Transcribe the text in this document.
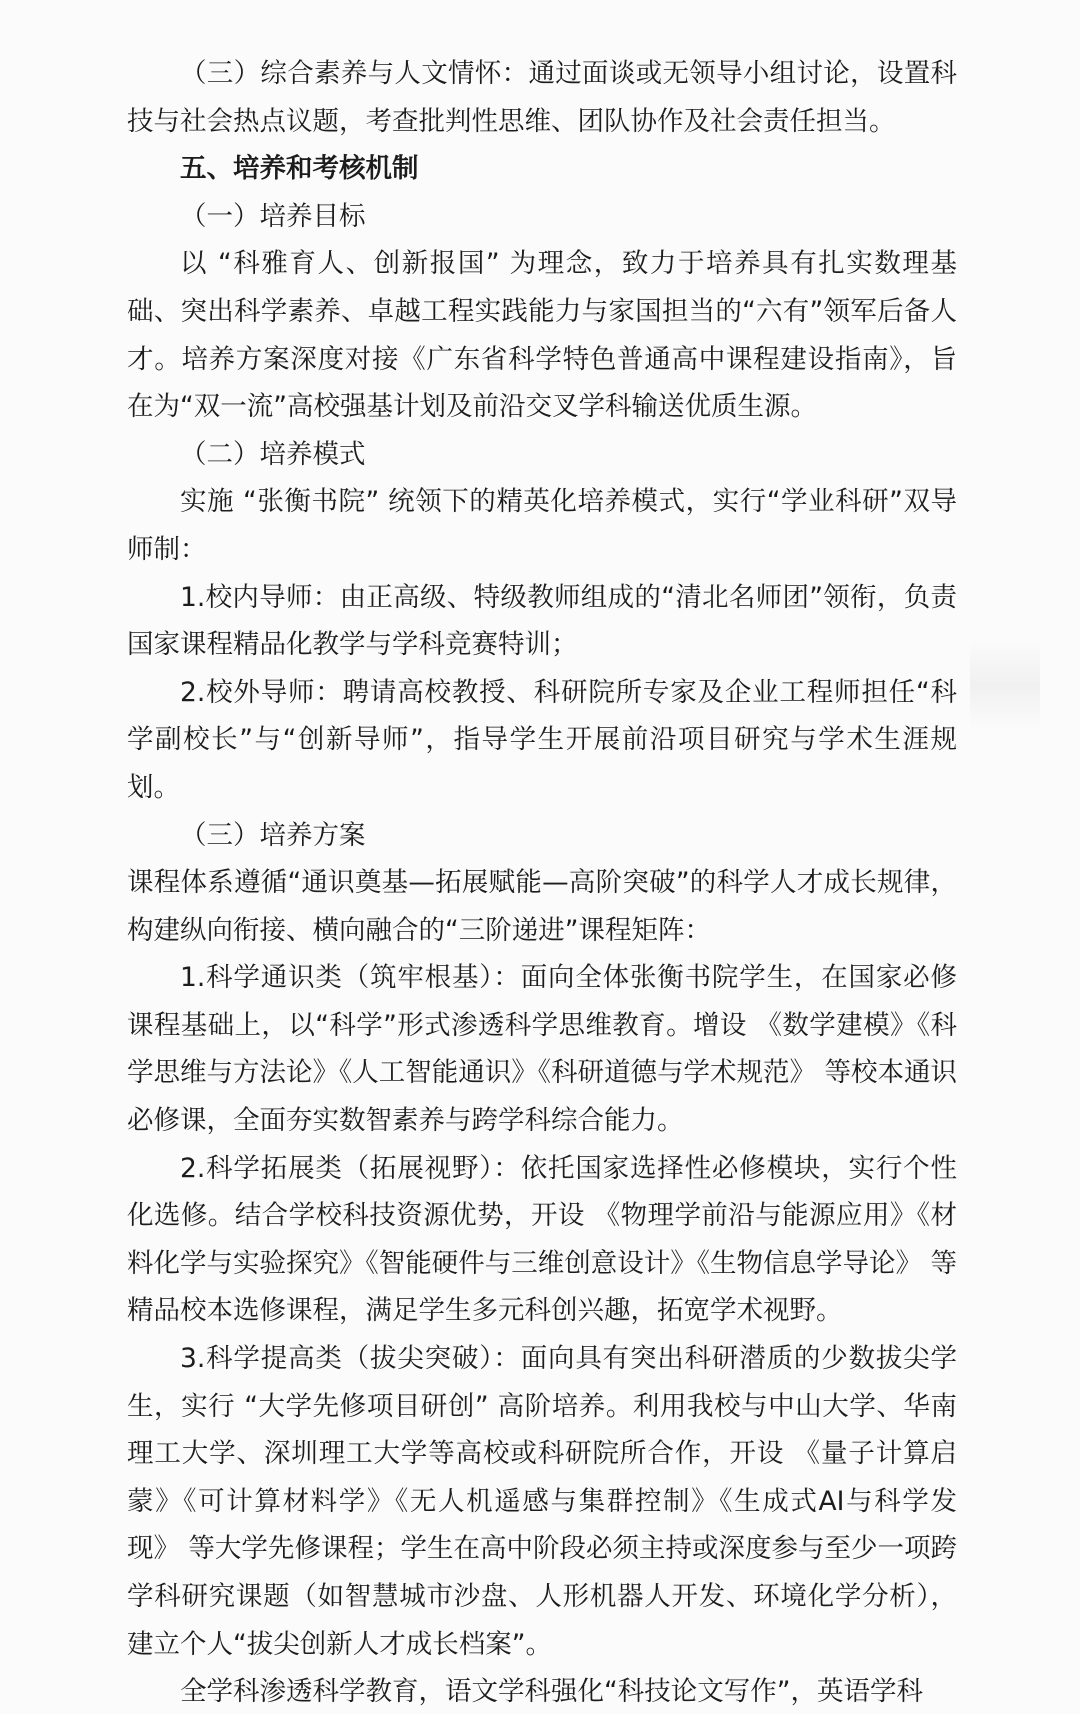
（三）综合素养与人文情怀：通过面谈或无领导小组讨论，设置科技与社会热点议题，考查批判性思维、团队协作及社会责任担当。

五、培养和考核机制

（一）培养目标

以 “科雅育人、创新报国” 为理念，致力于培养具有扎实数理基础、突出科学素养、卓越工程实践能力与家国担当的“六有”领军后备人才。培养方案深度对接《广东省科学特色普通高中课程建设指南》，旨在为“双一流”高校强基计划及前沿交叉学科输送优质生源。

（二）培养模式

实施 “张衡书院” 统领下的精英化培养模式，实行“学业科研”双导师制：

1.校内导师：由正高级、特级教师组成的“清北名师团”领衔，负责国家课程精品化教学与学科竞赛特训；

2.校外导师：聘请高校教授、科研院所专家及企业工程师担任“科学副校长”与“创新导师”，指导学生开展前沿项目研究与学术生涯规划。

（三）培养方案

课程体系遵循“通识奠基—拓展赋能—高阶突破”的科学人才成长规律，构建纵向衔接、横向融合的“三阶递进”课程矩阵：

1.科学通识类（筑牢根基）：面向全体张衡书院学生，在国家必修课程基础上，以“科学”形式渗透科学思维教育。增设 《数学建模》《科学思维与方法论》《人工智能通识》《科研道德与学术规范》 等校本通识必修课，全面夯实数智素养与跨学科综合能力。

2.科学拓展类（拓展视野）：依托国家选择性必修模块，实行个性化选修。结合学校科技资源优势，开设 《物理学前沿与能源应用》《材料化学与实验探究》《智能硬件与三维创意设计》《生物信息学导论》 等精品校本选修课程，满足学生多元科创兴趣，拓宽学术视野。

3.科学提高类（拔尖突破）：面向具有突出科研潜质的少数拔尖学生，实行 “大学先修项目研创” 高阶培养。利用我校与中山大学、华南理工大学、深圳理工大学等高校或科研院所合作，开设 《量子计算启蒙》《可计算材料学》《无人机遥感与集群控制》《生成式AI与科学发现》 等大学先修课程；学生在高中阶段必须主持或深度参与至少一项跨学科研究课题（如智慧城市沙盘、人形机器人开发、环境化学分析），建立个人“拔尖创新人才成长档案”。

全学科渗透科学教育，语文学科强化“科技论文写作”，英语学科
